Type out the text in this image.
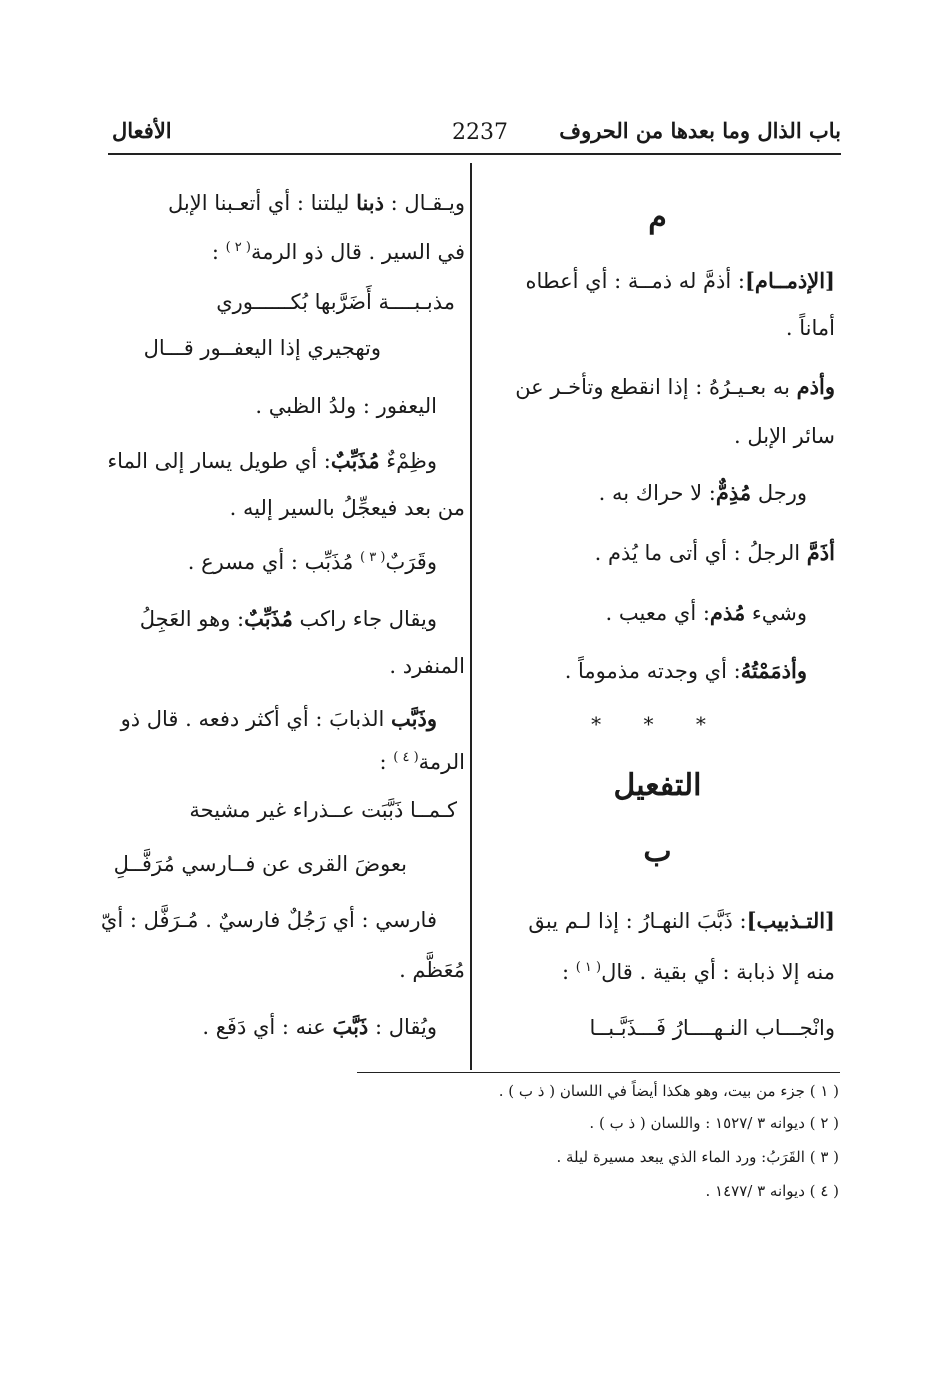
باب الذال وما بعدها من الحروف
2237
الأفعال
م
[الإذمــام]: أذمَّ له ذمــة : أي أعطاه
أماناً .
وأذم به بعـيـرُهُ : إذا انقطع وتأخـر عن
سائر الإبل .
ورجل مُذِمٌّ: لا حراك به .
أذَمَّ الرجلُ : أي أتى ما يُذم .
وشيء مُذم: أي معيب .
وأذمَمْتُهُ: أي وجدته مذموماً .
* * *
التفعيل
ب
[التـذبيب]: ذَبَّبَ النهـارُ : إذا لـم يبق
منه إلا ذبابة : أي بقية . قال$^{( ١ )}$ :
وانْجـــاب النـهــــارُ فَـــذَبَّـبــا
ويـقـال : ذبنا ليلتنا : أي أتعـبنا الإبل
في السير . قال ذو الرمة$^{( ٢ )}$ :
مذبـبــــة أَضَرَّبها بُكــــــوري
وتهجيري إذا اليعفــور قـــال
اليعفور : ولدُ الظبي .
وظِمْءٌ مُذَبِّبٌ: أي طويل يسار إلى الماء
من بعد فيعجِّلُ بالسير إليه .
وقَرَبٌ$^{( ٣ )}$ مُذَبِّب : أي مسرع .
ويقال جاء راكب مُذَبِّبٌ: وهو العَجِلُ
المنفرد .
وذَبَّب الذبابَ : أي أكثر دفعه . قال ذو
الرمة$^{( ٤ )}$ :
كـمــا ذَبَّبَت عــذراء غير مشيحة
بعوضَ القرى عن فــارسي مُرَفَّــلِ
فارسي : أي رَجُلٌ فارسيٌ . مُـرَفَّل : أيّ
مُعَظَّم .
ويُقال : ذَبَّبَ عنه : أي دَفَع .
( ١ ) جزء من بيت، وهو هكذا أيضاً في اللسان ( ذ ب ) .
( ٢ ) ديوانه ٣ /١٥٢٧ : واللسان ( ذ ب ) .
( ٣ ) القَرَبُ: ورد الماء الذي يبعد مسيرة ليلة .
( ٤ ) ديوانه ٣ /١٤٧٧ .
